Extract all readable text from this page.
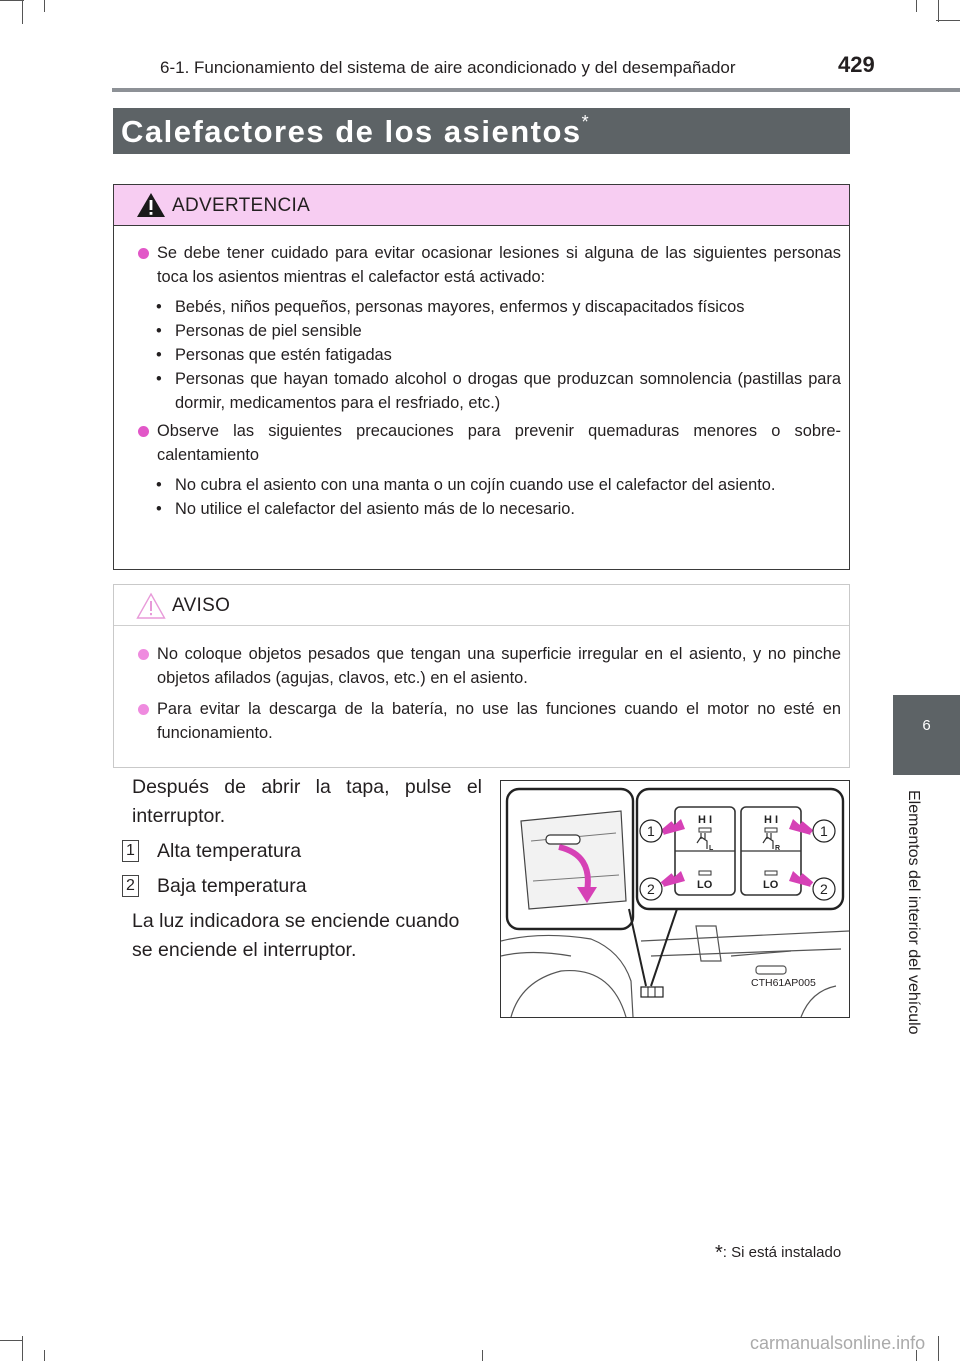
6-1. Funcionamiento del sistema de aire acondicionado y del desempañador	429
Calefactores de los asientos*
ADVERTENCIA
Se debe tener cuidado para evitar ocasionar lesiones si alguna de las siguientes personas toca los asientos mientras el calefactor está activado:
• Bebés, niños pequeños, personas mayores, enfermos y discapacitados físicos
• Personas de piel sensible
• Personas que estén fatigadas
• Personas que hayan tomado alcohol o drogas que produzcan somnolencia (pastillas para dormir, medicamentos para el resfriado, etc.)
Observe las siguientes precauciones para prevenir quemaduras menores o sobre-calentamiento
• No cubra el asiento con una manta o un cojín cuando use el calefactor del asiento.
• No utilice el calefactor del asiento más de lo necesario.
AVISO
No coloque objetos pesados que tengan una superficie irregular en el asiento, y no pinche objetos afilados (agujas, clavos, etc.) en el asiento.
Para evitar la descarga de la batería, no use las funciones cuando el motor no esté en funcionamiento.
Después de abrir la tapa, pulse el interruptor.
1 Alta temperatura
2 Baja temperatura
La luz indicadora se enciende cuando se enciende el interruptor.
H I
LO
L
H I
LO
R
1
2
1
2
CTH61AP005
6
Elementos del interior del vehículo
*: Si está instalado
carmanualsonline.info
